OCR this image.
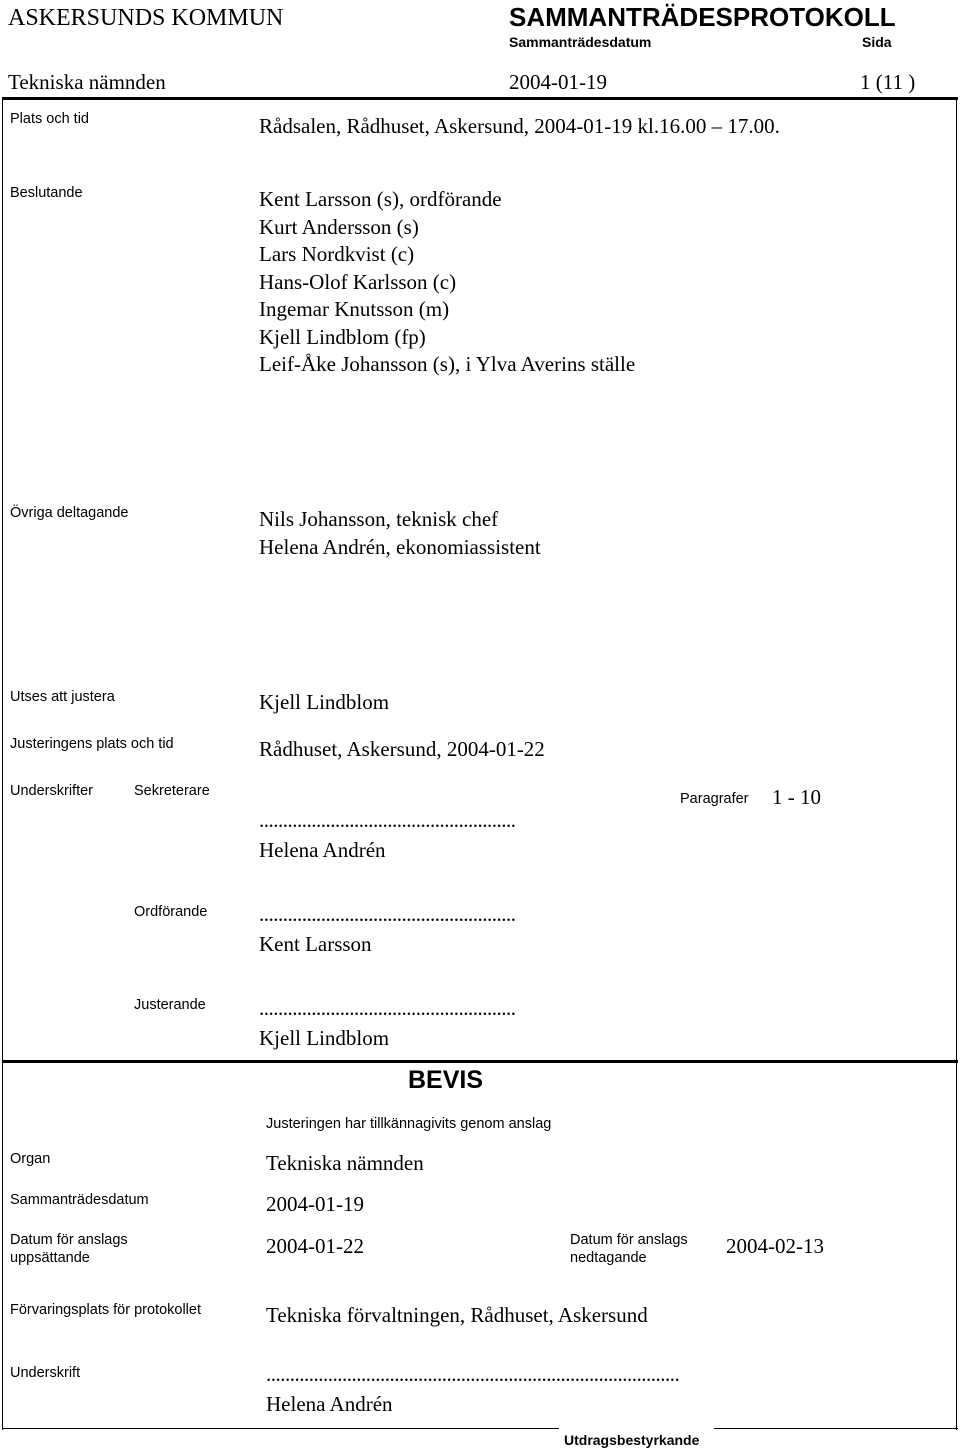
ASKERSUNDS KOMMUN	SAMMANTRÄDESPROTOKOLL
Sammanträdesdatum	Sida
Tekniska nämnden	2004-01-19	1 (11 )
Plats och tid	Rådsalen, Rådhuset, Askersund, 2004-01-19 kl.16.00 – 17.00.
Beslutande	Kent Larsson (s), ordförande
Kurt Andersson (s)
Lars Nordkvist (c)
Hans-Olof Karlsson (c)
Ingemar Knutsson (m)
Kjell Lindblom (fp)
Leif-Åke Johansson (s), i Ylva Averins ställe
Övriga deltagande	Nils Johansson, teknisk chef
Helena Andrén, ekonomiassistent
Utses att justera	Kjell Lindblom
Justeringens plats och tid	Rådhuset, Askersund, 2004-01-22
Underskrifter	Sekreterare	Paragrafer 1 - 10
......................................................
Helena Andrén
Ordförande ......................................................
Kent Larsson
Justerande	......................................................
Kjell Lindblom
BEVIS
Justeringen har tillkännagivits genom anslag
Organ	Tekniska nämnden
Sammanträdesdatum	2004-01-19
Datum för anslags
uppsättande	2004-01-22	Datum för anslags
nedtagande	2004-02-13
Förvaringsplats för protokollet	Tekniska förvaltningen, Rådhuset, Askersund
Underskrift	.......................................................................................
Helena Andrén
Utdragsbestyrkande
